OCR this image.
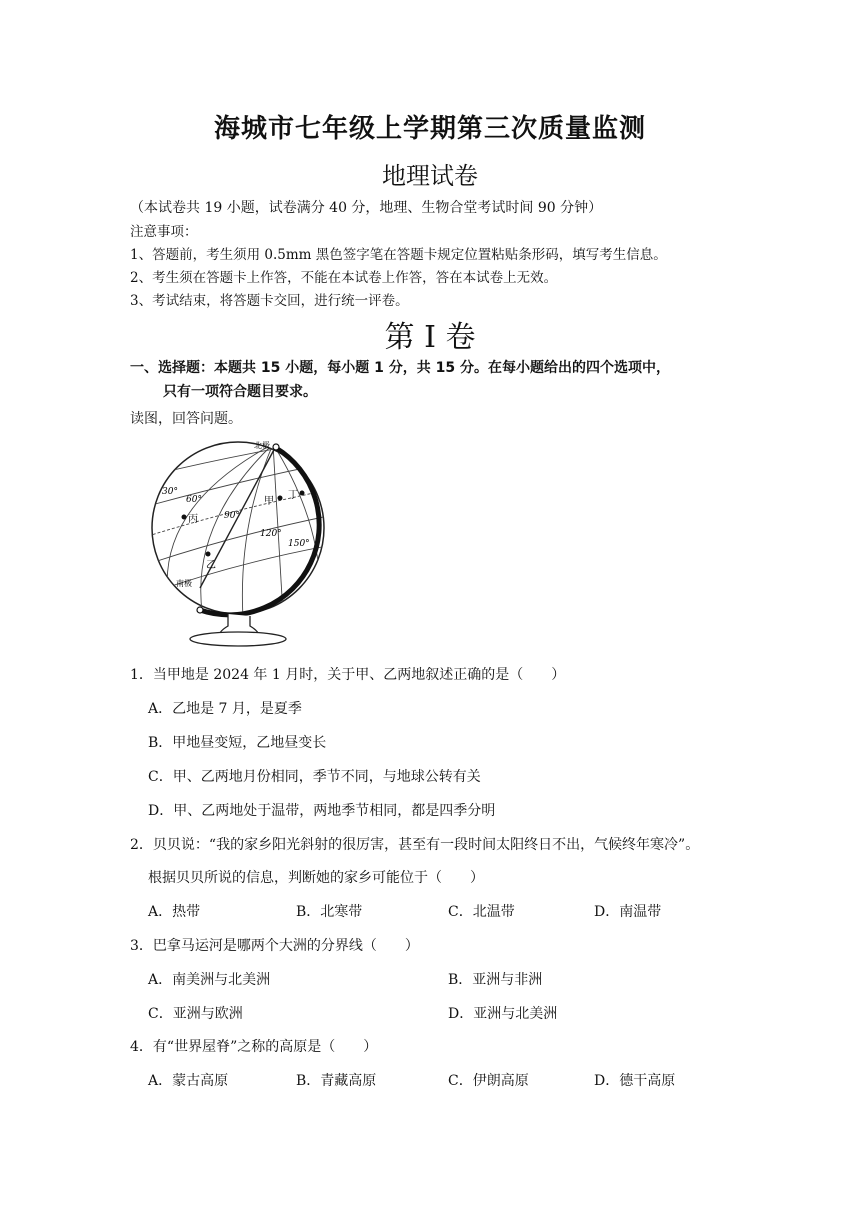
海城市七年级上学期第三次质量监测
地理试卷
（本试卷共 19 小题，试卷满分 40 分，地理、生物合堂考试时间 90 分钟）
注意事项：
1、答题前，考生须用 0.5mm 黑色签字笔在答题卡规定位置粘贴条形码，填写考生信息。
2、考生须在答题卡上作答，不能在本试卷上作答，答在本试卷上无效。
3、考试结束，将答题卡交回，进行统一评卷。
第 I 卷
一、选择题：本题共 15 小题，每小题 1 分，共 15 分。在每小题给出的四个选项中，
只有一项符合题目要求。
读图，回答问题。
北极
南极
30°
60°
90°
120°
150°
甲
丁
丙
乙
1．当甲地是 2024 年 1 月时，关于甲、乙两地叙述正确的是（　　）
A．乙地是 7 月，是夏季
B．甲地昼变短，乙地昼变长
C．甲、乙两地月份相同，季节不同，与地球公转有关
D．甲、乙两地处于温带，两地季节相同，都是四季分明
2．贝贝说：“我的家乡阳光斜射的很厉害，甚至有一段时间太阳终日不出，气候终年寒冷”。
根据贝贝所说的信息，判断她的家乡可能位于（　　）
A．热带	B．北寒带	C．北温带	D．南温带
3．巴拿马运河是哪两个大洲的分界线（　　）
A．南美洲与北美洲	B．亚洲与非洲
C．亚洲与欧洲	D．亚洲与北美洲
4．有“世界屋脊”之称的高原是（　　）
A．蒙古高原	B．青藏高原	C．伊朗高原	D．德干高原
